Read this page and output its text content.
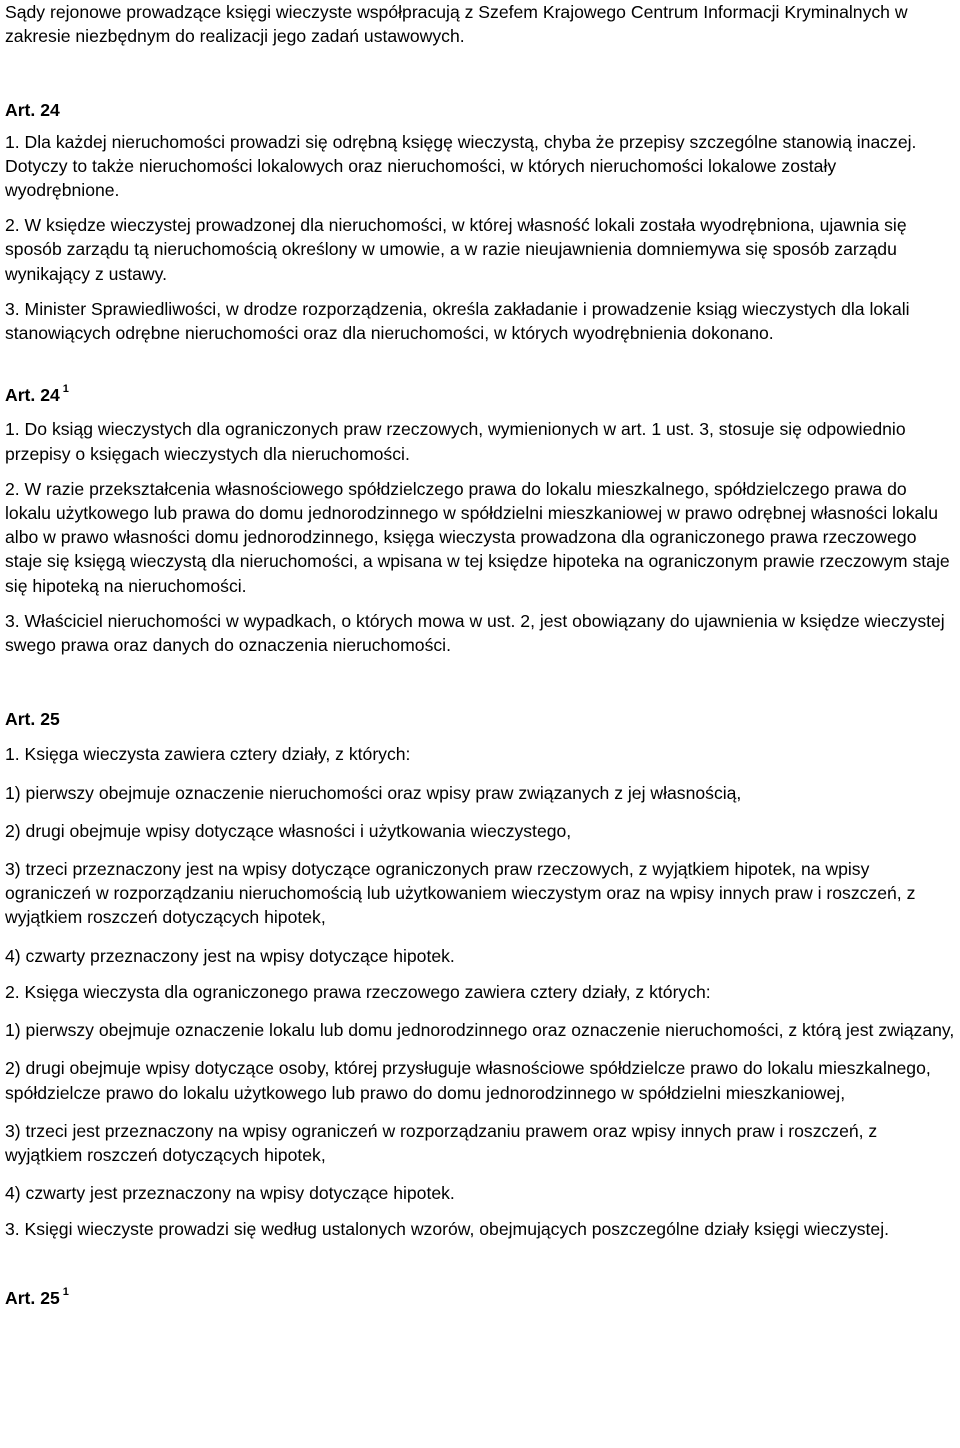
Sądy rejonowe prowadzące księgi wieczyste współpracują z Szefem Krajowego Centrum Informacji Kryminalnych w zakresie niezbędnym do realizacji jego zadań ustawowych.

Art. 24

1. Dla każdej nieruchomości prowadzi się odrębną księgę wieczystą, chyba że przepisy szczególne stanowią inaczej. Dotyczy to także nieruchomości lokalowych oraz nieruchomości, w których nieruchomości lokalowe zostały wyodrębnione.

2. W księdze wieczystej prowadzonej dla nieruchomości, w której własność lokali została wyodrębniona, ujawnia się sposób zarządu tą nieruchomością określony w umowie, a w razie nieujawnienia domniemywa się sposób zarządu wynikający z ustawy.

3. Minister Sprawiedliwości, w drodze rozporządzenia, określa zakładanie i prowadzenie ksiąg wieczystych dla lokali stanowiących odrębne nieruchomości oraz dla nieruchomości, w których wyodrębnienia dokonano.

Art. 24 $^1$

1. Do ksiąg wieczystych dla ograniczonych praw rzeczowych, wymienionych w art. 1 ust. 3, stosuje się odpowiednio przepisy o księgach wieczystych dla nieruchomości.

2. W razie przekształcenia własnościowego spółdzielczego prawa do lokalu mieszkalnego, spółdzielczego prawa do lokalu użytkowego lub prawa do domu jednorodzinnego w spółdzielni mieszkaniowej w prawo odrębnej własności lokalu albo w prawo własności domu jednorodzinnego, księga wieczysta prowadzona dla ograniczonego prawa rzeczowego staje się księgą wieczystą dla nieruchomości, a wpisana w tej księdze hipoteka na ograniczonym prawie rzeczowym staje się hipoteką na nieruchomości.

3. Właściciel nieruchomości w wypadkach, o których mowa w ust. 2, jest obowiązany do ujawnienia w księdze wieczystej swego prawa oraz danych do oznaczenia nieruchomości.

Art. 25

1. Księga wieczysta zawiera cztery działy, z których:

1) pierwszy obejmuje oznaczenie nieruchomości oraz wpisy praw związanych z jej własnością,

2) drugi obejmuje wpisy dotyczące własności i użytkowania wieczystego,

3) trzeci przeznaczony jest na wpisy dotyczące ograniczonych praw rzeczowych, z wyjątkiem hipotek, na wpisy ograniczeń w rozporządzaniu nieruchomością lub użytkowaniem wieczystym oraz na wpisy innych praw i roszczeń, z wyjątkiem roszczeń dotyczących hipotek,

4) czwarty przeznaczony jest na wpisy dotyczące hipotek.

2. Księga wieczysta dla ograniczonego prawa rzeczowego zawiera cztery działy, z których:

1) pierwszy obejmuje oznaczenie lokalu lub domu jednorodzinnego oraz oznaczenie nieruchomości, z którą jest związany,

2) drugi obejmuje wpisy dotyczące osoby, której przysługuje własnościowe spółdzielcze prawo do lokalu mieszkalnego, spółdzielcze prawo do lokalu użytkowego lub prawo do domu jednorodzinnego w spółdzielni mieszkaniowej,

3) trzeci jest przeznaczony na wpisy ograniczeń w rozporządzaniu prawem oraz wpisy innych praw i roszczeń, z wyjątkiem roszczeń dotyczących hipotek,

4) czwarty jest przeznaczony na wpisy dotyczące hipotek.

3. Księgi wieczyste prowadzi się według ustalonych wzorów, obejmujących poszczególne działy księgi wieczystej.

Art. 25 $^1$
